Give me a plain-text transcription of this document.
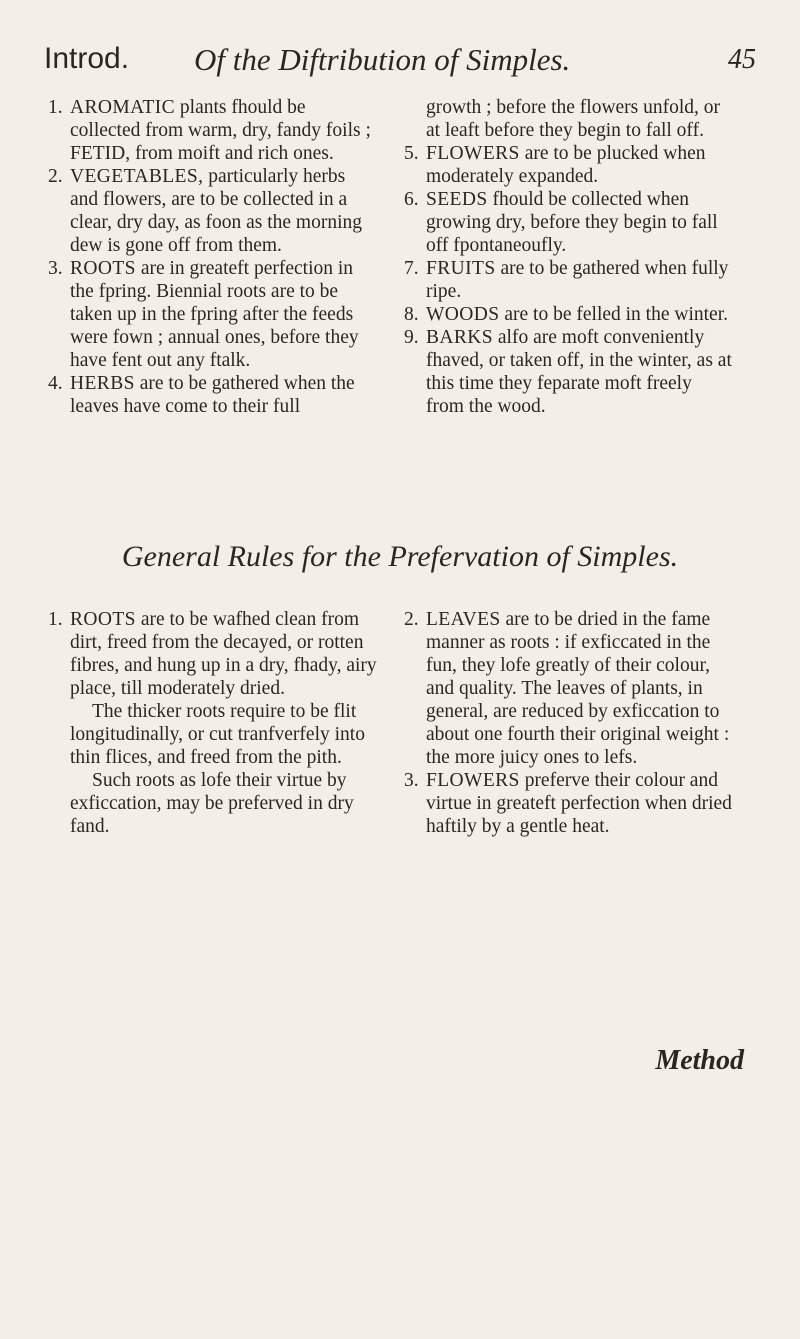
Introd. Of the Diftribution of Simples.	45

1. AROMATIC plants fhould be collected from warm, dry, fandy foils ; FETID, from moift and rich ones.

2. VEGETABLES, particularly herbs and flowers, are to be collected in a clear, dry day, as foon as the morning dew is gone off from them.

3. ROOTS are in greateft perfection in the fpring. Biennial roots are to be taken up in the fpring after the feeds were fown ; annual ones, before they have fent out any ftalk.

4. HERBS are to be gathered when the leaves have come to their full

growth ; before the flowers unfold, or at leaft before they begin to fall off.

5. FLOWERS are to be plucked when moderately expanded.

6. SEEDS fhould be collected when growing dry, before they begin to fall off fpontaneoufly.

7. FRUITS are to be gathered when fully ripe.

8. WOODS are to be felled in the winter.

9. BARKS alfo are moft conveniently fhaved, or taken off, in the winter, as at this time they feparate moft freely from the wood.

General Rules for the Prefervation of Simples.

1. ROOTS are to be wafhed clean from dirt, freed from the decayed, or rotten fibres, and hung up in a dry, fhady, airy place, till moderately dried.

The thicker roots require to be flit longitudinally, or cut tranfverfely into thin flices, and freed from the pith.

Such roots as lofe their virtue by exficcation, may be preferved in dry fand.

2. LEAVES are to be dried in the fame manner as roots : if exficcated in the fun, they lofe greatly of their colour, and quality. The leaves of plants, in general, are reduced by exficcation to about one fourth their original weight : the more juicy ones to lefs.

3. FLOWERS preferve their colour and virtue in greateft perfection when dried haftily by a gentle heat.

Method
